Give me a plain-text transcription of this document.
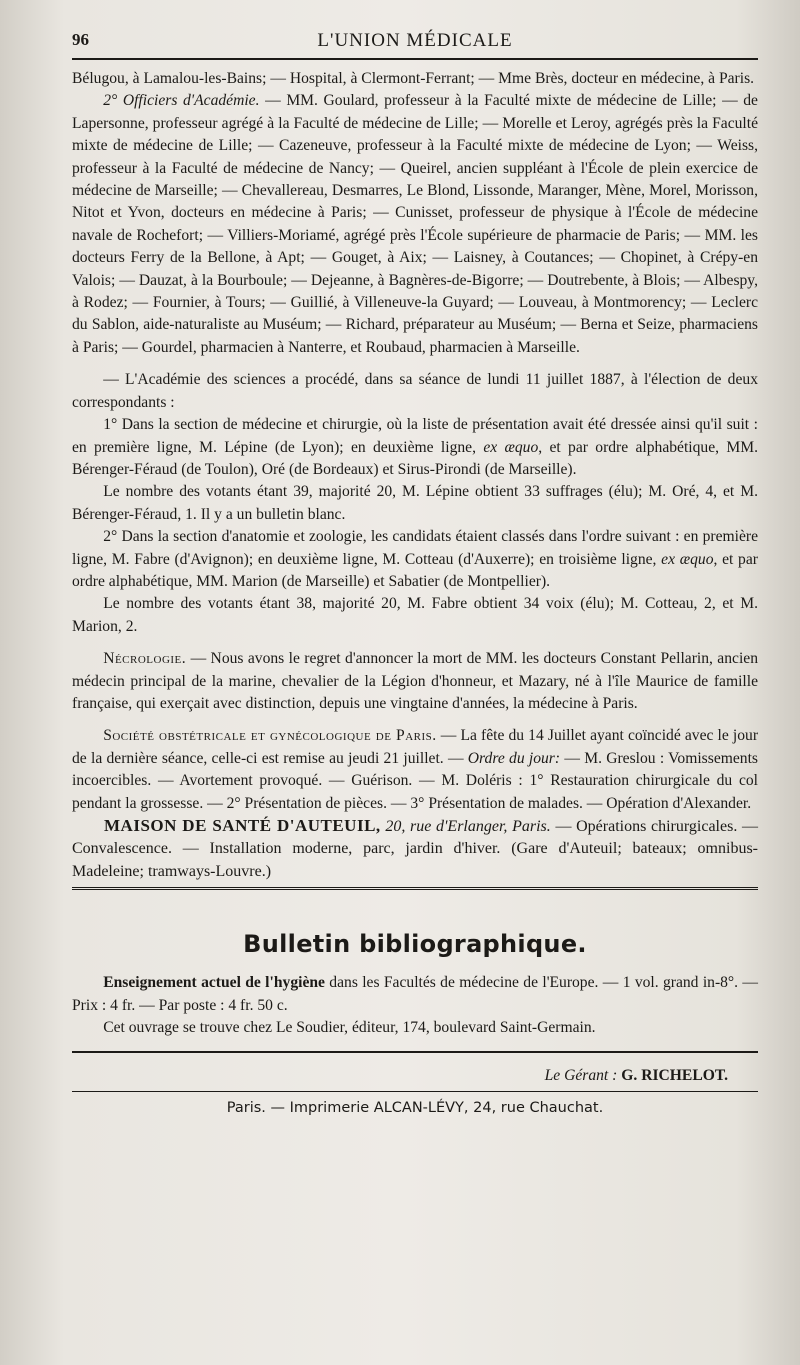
96	L'UNION MÉDICALE

Bélugou, à Lamalou-les-Bains; — Hospital, à Clermont-Ferrant; — Mme Brès, docteur en médecine, à Paris.

2° Officiers d'Académie. — MM. Goulard, professeur à la Faculté mixte de médecine de Lille; — de Lapersonne, professeur agrégé à la Faculté de médecine de Lille; — Morelle et Leroy, agrégés près la Faculté mixte de médecine de Lille; — Cazeneuve, professeur à la Faculté mixte de médecine de Lyon; — Weiss, professeur à la Faculté de médecine de Nancy; — Queirel, ancien suppléant à l'École de plein exercice de médecine de Marseille; — Chevallereau, Desmarres, Le Blond, Lissonde, Maranger, Mène, Morel, Morisson, Nitot et Yvon, docteurs en médecine à Paris; — Cunisset, professeur de physique à l'École de médecine navale de Rochefort; — Villiers-Moriamé, agrégé près l'École supérieure de pharmacie de Paris; — MM. les docteurs Ferry de la Bellone, à Apt; — Gouget, à Aix; — Laisney, à Coutances; — Chopinet, à Crépy-en Valois; — Dauzat, à la Bourboule; — Dejeanne, à Bagnères-de-Bigorre; — Doutrebente, à Blois; — Albespy, à Rodez; — Fournier, à Tours; — Guillié, à Villeneuve-la Guyard; — Louveau, à Montmorency; — Leclerc du Sablon, aide-naturaliste au Muséum; — Richard, préparateur au Muséum; — Berna et Seize, pharmaciens à Paris; — Gourdel, pharmacien à Nanterre, et Roubaud, pharmacien à Marseille.

— L'Académie des sciences a procédé, dans sa séance de lundi 11 juillet 1887, à l'élection de deux correspondants :

1° Dans la section de médecine et chirurgie, où la liste de présentation avait été dressée ainsi qu'il suit : en première ligne, M. Lépine (de Lyon); en deuxième ligne, ex æquo, et par ordre alphabétique, MM. Bérenger-Féraud (de Toulon), Oré (de Bordeaux) et Sirus-Pirondi (de Marseille).

Le nombre des votants étant 39, majorité 20, M. Lépine obtient 33 suffrages (élu); M. Oré, 4, et M. Bérenger-Féraud, 1. Il y a un bulletin blanc.

2° Dans la section d'anatomie et zoologie, les candidats étaient classés dans l'ordre suivant : en première ligne, M. Fabre (d'Avignon); en deuxième ligne, M. Cotteau (d'Auxerre); en troisième ligne, ex æquo, et par ordre alphabétique, MM. Marion (de Marseille) et Sabatier (de Montpellier).

Le nombre des votants étant 38, majorité 20, M. Fabre obtient 34 voix (élu); M. Cotteau, 2, et M. Marion, 2.

Nécrologie. — Nous avons le regret d'annoncer la mort de MM. les docteurs Constant Pellarin, ancien médecin principal de la marine, chevalier de la Légion d'honneur, et Mazary, né à l'île Maurice de famille française, qui exerçait avec distinction, depuis une vingtaine d'années, la médecine à Paris.

Société obstétricale et gynécologique de Paris. — La fête du 14 Juillet ayant coïncidé avec le jour de la dernière séance, celle-ci est remise au jeudi 21 juillet. — Ordre du jour: — M. Greslou : Vomissements incoercibles. — Avortement provoqué. — Guérison. — M. Doléris : 1° Restauration chirurgicale du col pendant la grossesse. — 2° Présentation de pièces. — 3° Présentation de malades. — Opération d'Alexander.

MAISON DE SANTÉ D'AUTEUIL, 20, rue d'Erlanger, Paris. — Opérations chirurgicales. — Convalescence. — Installation moderne, parc, jardin d'hiver. (Gare d'Auteuil; bateaux; omnibus-Madeleine; tramways-Louvre.)

Bulletin bibliographique.

Enseignement actuel de l'hygiène dans les Facultés de médecine de l'Europe. — 1 vol. grand in-8°. — Prix : 4 fr. — Par poste : 4 fr. 50 c.

Cet ouvrage se trouve chez Le Soudier, éditeur, 174, boulevard Saint-Germain.

Le Gérant : G. RICHELOT.
Paris. — Imprimerie ALCAN-LÉVY, 24, rue Chauchat.
